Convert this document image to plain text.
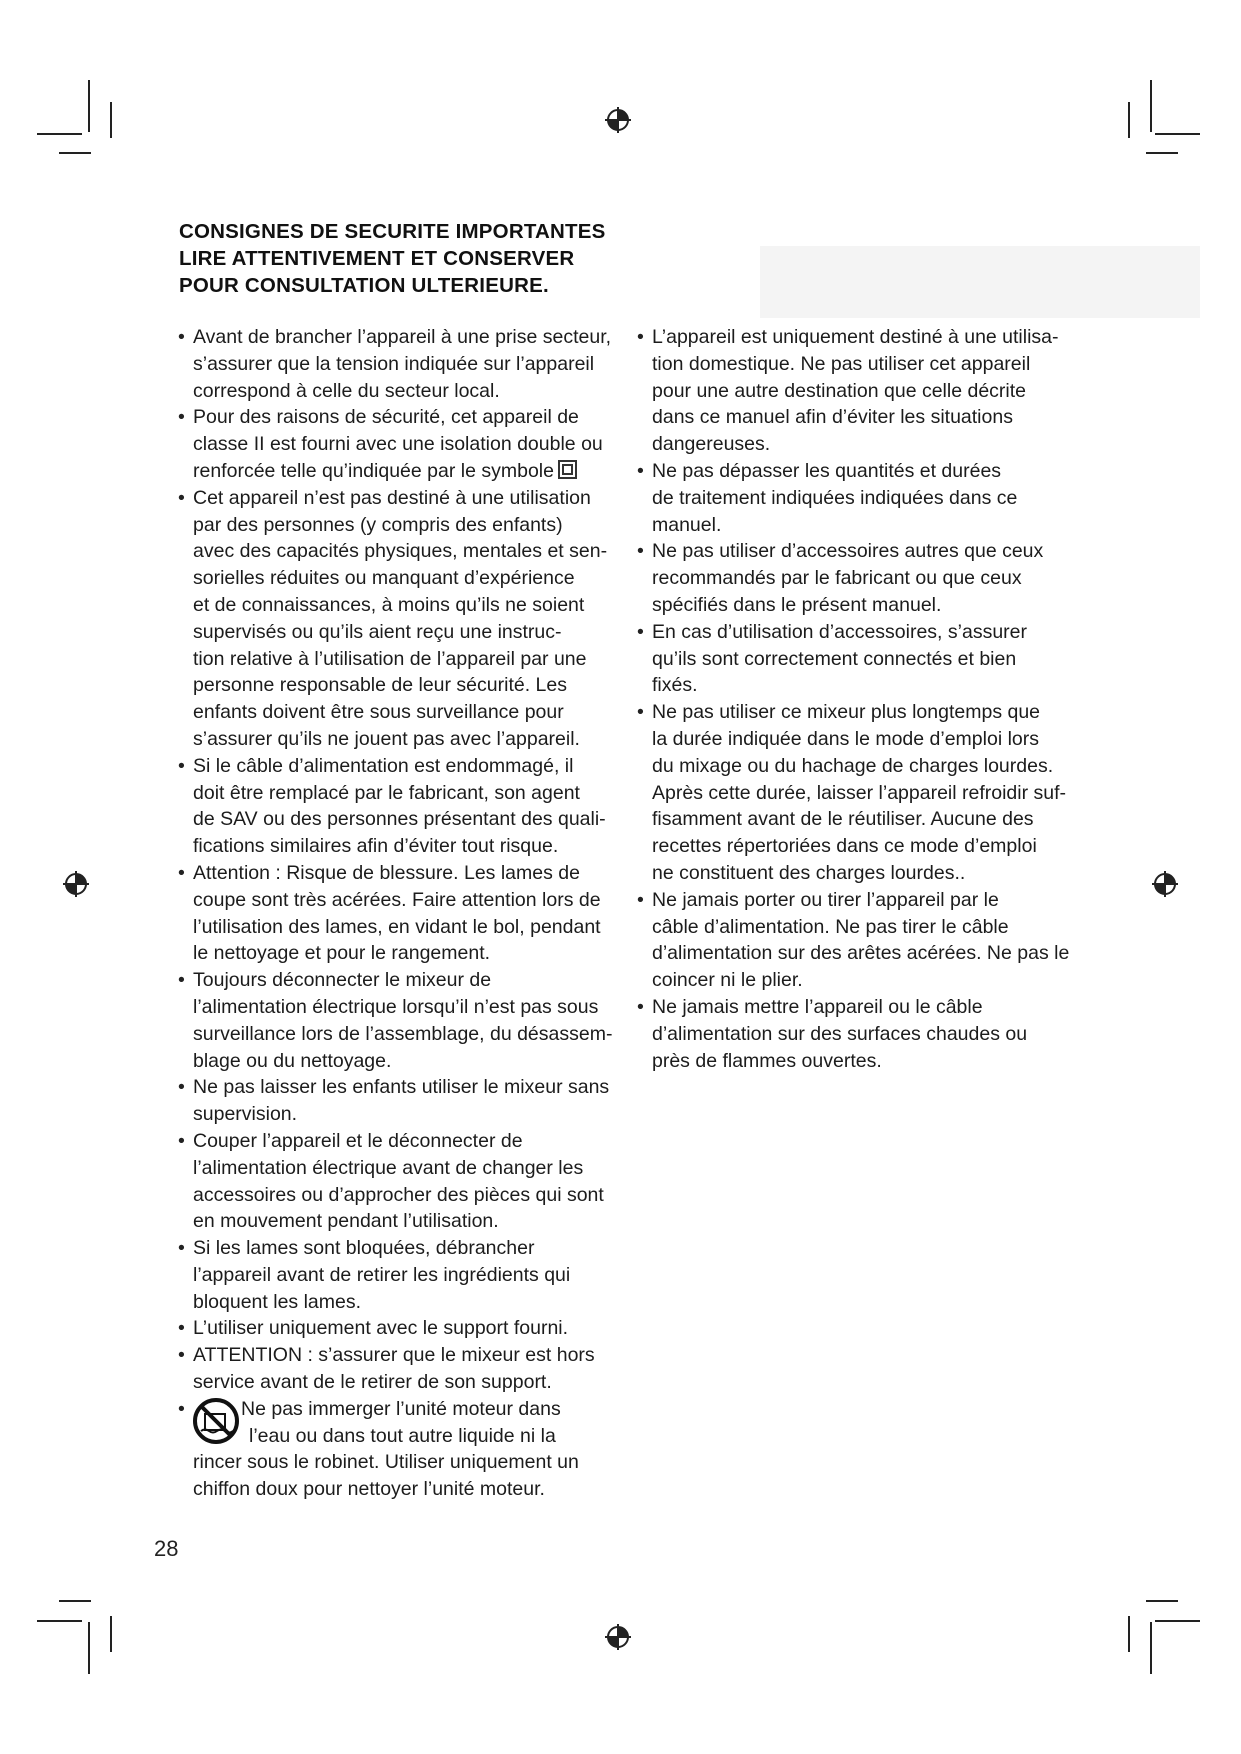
CONSIGNES DE SECURITE IMPORTANTES
LIRE ATTENTIVEMENT ET CONSERVER
POUR CONSULTATION ULTERIEURE.
• Avant de brancher l’appareil à une prise secteur,
s’assurer que la tension indiquée sur l’appareil
correspond à celle du secteur local.
• Pour des raisons de sécurité, cet appareil de
classe II est fourni avec une isolation double ou
renforcée telle qu’indiquée par le symbole
• Cet appareil n’est pas destiné à une utilisation
par des personnes (y compris des enfants)
avec des capacités physiques, mentales et sen-
sorielles réduites ou manquant d’expérience
et de connaissances, à moins qu’ils ne soient
supervisés ou qu’ils aient reçu une instruc-
tion relative à l’utilisation de l’appareil par une
personne responsable de leur sécurité. Les
enfants doivent être sous surveillance pour
s’assurer qu’ils ne jouent pas avec l’appareil.
• Si le câble d’alimentation est endommagé, il
doit être remplacé par le fabricant, son agent
de SAV ou des personnes présentant des quali-
fications similaires afin d’éviter tout risque.
• Attention : Risque de blessure. Les lames de
coupe sont très acérées. Faire attention lors de
l’utilisation des lames, en vidant le bol, pendant
le nettoyage et pour le rangement.
• Toujours déconnecter le mixeur de
l’alimentation électrique lorsqu’il n’est pas sous
surveillance lors de l’assemblage, du désassem-
blage ou du nettoyage.
• Ne pas laisser les enfants utiliser le mixeur sans
supervision.
• Couper l’appareil et le déconnecter de
l’alimentation électrique avant de changer les
accessoires ou d’approcher des pièces qui sont
en mouvement pendant l’utilisation.
• Si les lames sont bloquées, débrancher
l’appareil avant de retirer les ingrédients qui
bloquent les lames.
• L’utiliser uniquement avec le support fourni.
• ATTENTION : s’assurer que le mixeur est hors
service avant de le retirer de son support.
• Ne pas immerger l’unité moteur dans
l’eau ou dans tout autre liquide ni la
rincer sous le robinet. Utiliser uniquement un
chiffon doux pour nettoyer l’unité moteur.
• L’appareil est uniquement destiné à une utilisa-
tion domestique. Ne pas utiliser cet appareil
pour une autre destination que celle décrite
dans ce manuel afin d’éviter les situations
dangereuses.
• Ne pas dépasser les quantités et durées
de traitement indiquées indiquées dans ce
manuel.
• Ne pas utiliser d’accessoires autres que ceux
recommandés par le fabricant ou que ceux
spécifiés dans le présent manuel.
• En cas d’utilisation d’accessoires, s’assurer
qu’ils sont correctement connectés et bien
fixés.
• Ne pas utiliser ce mixeur plus longtemps que
la durée indiquée dans le mode d’emploi lors
du mixage ou du hachage de charges lourdes.
Après cette durée, laisser l’appareil refroidir suf-
fisamment avant de le réutiliser. Aucune des
recettes répertoriées dans ce mode d’emploi
ne constituent des charges lourdes..
• Ne jamais porter ou tirer l’appareil par le
câble d’alimentation. Ne pas tirer le câble
d’alimentation sur des arêtes acérées. Ne pas le
coincer ni le plier.
• Ne jamais mettre l’appareil ou le câble
d’alimentation sur des surfaces chaudes ou
près de flammes ouvertes.
28
